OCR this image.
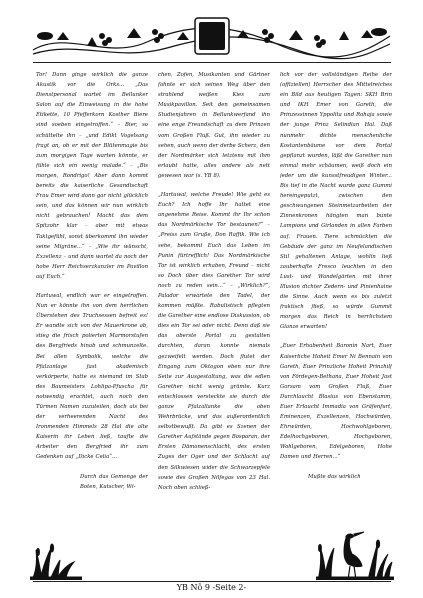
Tor! Dann ginge wirklich die ganze Akustik vor die Orks... „Das Dienstpersonal wartet im Bellunker Salon auf die Einweisung in die hohe Etikette, 10 Pfefferkorn Kosther Biere sind soeben eingetroffen.“ – Bier, so schüttelte ihn – „und Edikt Vogelsang fragt an, ob er mit der Blütenmagie bis zum morgigen Tage warten könnte, er fühle sich ein wenig malade.“ – „Bis morgen, Rondrigo! Aber dann kommt bereits die kaiserliche Gesandtschaft Frau Emer wird dann gar nicht glücklich sein, und das können wir nun wirklich nicht gebrauchen! Macht das dem Spitzohr klar – aber mit etwas Taktgefühl, sonst überkommt ihn wieder seine Migräne...“ – „Wie ihr wünscht, Exzellenz – und dann wartet da noch der hohe Herr Reichserzkanzler im Pavillon auf Euch.“

Hartuwal, endlich war er eingetroffen. Nun er könnte ihn von dem herrlichen Überstehen des Truchsessen befreit es! Er wandte sich von der Mauerkrone ab, stieg die frisch polierten Marmorstufen des Bergfrieds hinab und schmunzelte. Bei allen Symbolik, welche die Pfalzanlage fast akademisch verkörperte, hatte es niemand im Stab des Baumeisters Lohlipa-Pfuscha für notwendig erachtet, auch noch den Türmen Namen zuzuteilen, doch als bei der verheerenden Nacht des Ironmenden Himmels 28 Hal die alte Kaiserin ihr Leben ließ, taufte die Arbeiter den Bergfried ihr zum Gedenken auf „Dicke Celia“...

Durch das Gemenge der Boten, Kutscher, Wi-

chen, Zofen, Musikanten und Gärtner fahnte er sich seinen Weg über den strahlend weißen Kies zum Musikpavillon. Seit den gemeinsamen Studienjahren in Bellunkwerfand ihn eine enge Freundschaft zu dem Prinzen vom Großen Fluß. Gut, ihn wieder zu sehen, auch wenn der derbe Scherz, den der Nordmärker sich letztens mit ihm erlaubt hatte, alles andere als nett gewesen war (s. YB 8).

„Hartuwal, welche Freude! Wie geht es Euch? Ich hoffe Ihr hattet eine angenehme Reise. Kommt ihr Ihr schon das Nordmärkische Tor bestaunen?“ – „Preiss zum Gruße, Don Raffik. Wie ich sehe, bekommt Euch das Leben im Punin fürtrefflich! Das Nordmärkische Tor ist wirklich erhaben, Freund – nicht so Doch über dies Garether Tor wird noch zu reden sein...“ – „Wirklich?“, Palador erwartete den Tadel, der kommen müßte. Rabulistisch pflegten die Garether eine endlose Diskussion, ob dies ein Tor sei oder nicht. Denn daß sie das oberste Portal zu gestalten durchten, daran konnte niemals gezweifelt werden. Doch flutet der Eingang zum Oktogon eben nur ihre Seite zur Ausgestaltung, was die edlen Garether nicht wenig grämte. Kurz entschlossen versteckte sie durch die ganze Pfalzallanke die oben Wehrbrücke, und das außerordentlich selbstbewußt. Da gibt es Szenen der Garether Aufstände gegen Bosparan, der Ersten Dämonenschlacht, des ersten Zuges der Oger und der Schlacht auf den Silkwiesen wider die Schwarzepfele sowie des Großen Nilfegas von 23 Hal. Noch oben schließ-

lich vor der vollständigen Reihe der (offiziellen) Herrscher des Mittelreiches ein Bild aus heutigen Tagen: SKH Brin und IKH Emer von Gareth, die Prinzessinnen Yppolita und Rohaja sowie der junge Prinz Selindian Hal. Daß nunmehr dichte menschenliche Kostantenbäume vor dem Portal gepflanzt wurden, läßt die Garether nun einmal mehr schäumen, weiß doch ein jeder um die kunsstfreudigen Winter... Bis tief in die Nacht wurde ganz Gummi hereingeputzt, zwischen den geschwungenen Steinmetzarbeiten der Zinnenkronen hängten man bunte Lampions und Girlanden in allen Farben auf. Frauen. Tiere schmückten die Gebäude der ganz im Neufelandischen Stil gehaltenen Anlage, wohlin ließ zauberhafte Fresco leuchten in den Lust- und Wandelgärten mit ihrer Illusion dichter Zedern- und Pinienhaine die Sinne. Auch wenn es bis zuletzt fraktisch fließ, so würde Gummit morgen das Reich in herrlichstem Glanze erwarten!

„Euer Erhabenheit Baronin Nart, Euer Kaiserliche Hoheit Emer Ni Bennain von Gareth, Euer Prinzliche Hoheit Prinzhilf von Fördegen-Bethana, Euer Hoheit Jast Gorsam vom Großen Fluß, Euer Durchlaucht Blasius von Ebenstamm, Euer Erlaucht Immadia von Gräfenfurt, Eminenzen, Exzellenzen, Hochwürden, Ehrwürden, Hochwohlgeboren, Edelhochgeboren, Hochgeboren, Wohlgeboren, Edelgeboren, Hohe Damen und Herren...“

Mußte das wirklich

YB Nô 9 -Seite 2-
